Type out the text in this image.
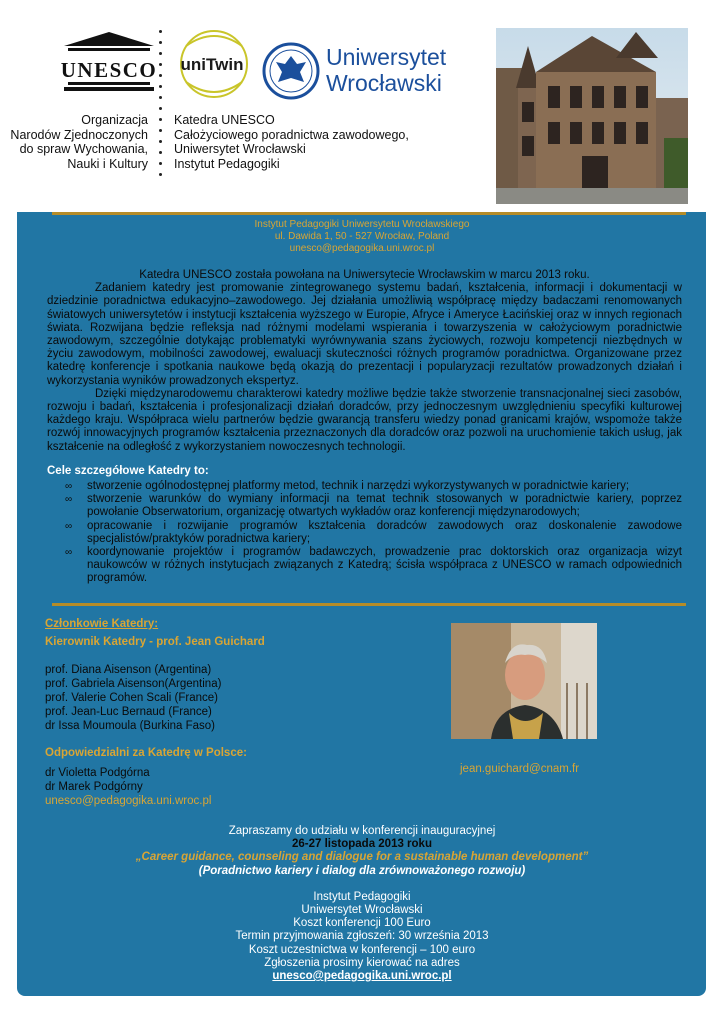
UNESCO
Organizacja
Narodów Zjednoczonych
do spraw Wychowania,
Nauki i Kultury
uniTwin	Uniwersytet
Wrocławski
Katedra UNESCO
Całożyciowego poradnictwa zawodowego,
Uniwersytet Wrocławski
Instytut Pedagogiki
Instytut Pedagogiki Uniwersytetu Wrocławskiego
ul. Dawida 1, 50 - 527 Wrocław, Poland
unesco@pedagogika.uni.wroc.pl

Katedra UNESCO została powołana na Uniwersytecie Wrocławskim w marcu 2013 roku.

Zadaniem katedry jest promowanie zintegrowanego systemu badań, kształcenia, informacji i dokumentacji w dziedzinie poradnictwa edukacyjno–zawodowego. Jej działania umożliwią współpracę między badaczami renomowanych światowych uniwersytetów i instytucji kształcenia wyższego w Europie, Afryce i Ameryce Łacińskiej oraz w innych regionach świata. Rozwijana będzie refleksja nad różnymi modelami wspierania i towarzyszenia w całożyciowym poradnictwie zawodowym, szczególnie dotykając problematyki wyrównywania szans życiowych, rozwoju kompetencji niezbędnych w życiu zawodowym, mobilności zawodowej, ewaluacji skuteczności różnych programów poradnictwa. Organizowane przez katedrę konferencje i spotkania naukowe będą okazją do prezentacji i popularyzacji rezultatów prowadzonych działań i wykorzystania wyników prowadzonych ekspertyz.

Dzięki międzynarodowemu charakterowi katedry możliwe będzie także stworzenie transnacjonalnej sieci zasobów, rozwoju i badań, kształcenia i profesjonalizacji działań doradców, przy jednoczesnym uwzględnieniu specyfiki kulturowej każdego kraju. Współpraca wielu partnerów będzie gwarancją transferu wiedzy ponad granicami krajów, wspomoże także rozwój innowacyjnych programów kształcenia przeznaczonych dla doradców oraz pozwoli na uruchomienie takich usług, jak kształcenie na odległość z wykorzystaniem nowoczesnych technologii.

Cele szczegółowe Katedry to:
∞ stworzenie ogólnodostępnej platformy metod, technik i narzędzi wykorzystywanych w poradnictwie kariery;
∞ stworzenie warunków do wymiany informacji na temat technik stosowanych w poradnictwie kariery, poprzez powołanie Obserwatorium, organizację otwartych wykładów oraz konferencji międzynarodowych;
∞ opracowanie i rozwijanie programów kształcenia doradców zawodowych oraz doskonalenie zawodowe specjalistów/praktyków poradnictwa kariery;
∞ koordynowanie projektów i programów badawczych, prowadzenie prac doktorskich oraz organizacja wizyt naukowców w różnych instytucjach związanych z Katedrą; ścisła współpraca z UNESCO w ramach odpowiednich programów.
Członkowie Katedry:
Kierownik Katedry - prof. Jean Guichard
prof. Diana Aisenson (Argentina)
prof. Gabriela Aisenson(Argentina)
prof. Valerie Cohen Scali (France)
prof. Jean-Luc Bernaud (France)
dr Issa Moumoula (Burkina Faso)
Odpowiedzialni za Katedrę w Polsce:
dr Violetta Podgórna
dr Marek Podgórny
unesco@pedagogika.uni.wroc.pl
jean.guichard@cnam.fr
Zapraszamy do udziału w konferencji inauguracyjnej
26-27 listopada 2013 roku
„Career guidance, counseling and dialogue for a sustainable human development”
(Poradnictwo kariery i dialog dla zrównoważonego rozwoju)
Instytut Pedagogiki
Uniwersytet Wrocławski
Koszt konferencji 100 Euro
Termin przyjmowania zgłoszeń: 30 września 2013
Koszt uczestnictwa w konferencji – 100 euro
Zgłoszenia prosimy kierować na adres
unesco@pedagogika.uni.wroc.pl
